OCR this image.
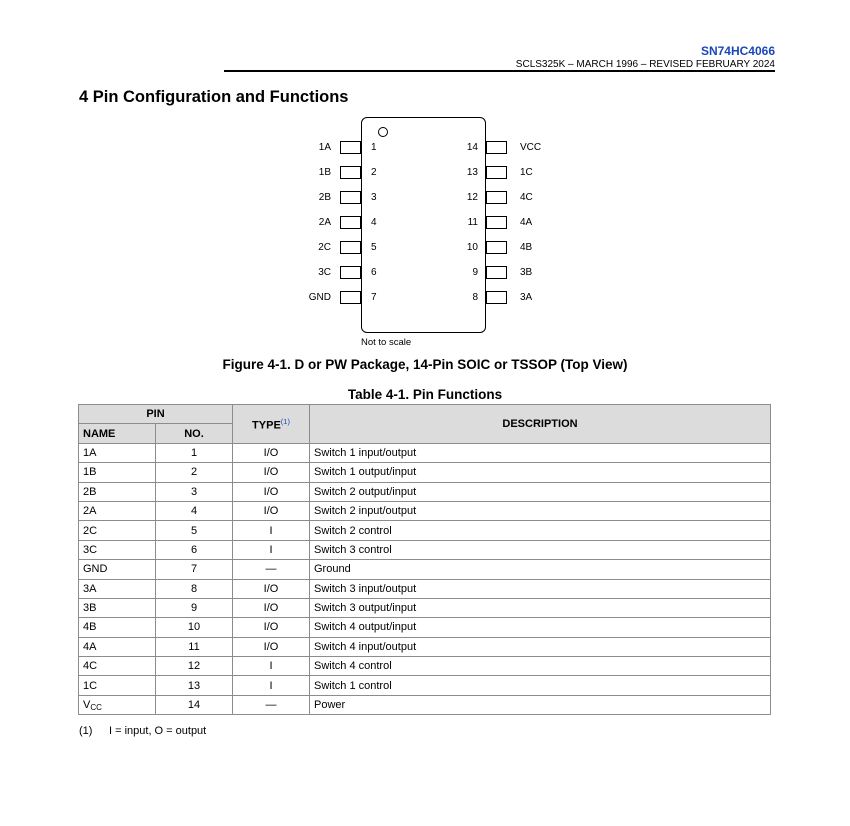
SN74HC4066
SCLS325K – MARCH 1996 – REVISED FEBRUARY 2024
4 Pin Configuration and Functions
1A	1
1B	2
2B	3
2A	4
2C	5
3C	6
GND	7
14	VCC
13	1C
12	4C
11	4A
10	4B
9	3B
8	3A
Not to scale
Figure 4-1. D or PW Package, 14-Pin SOIC or TSSOP (Top View)
Table 4-1. Pin Functions
PIN		TYPE$^{(1)}$	DESCRIPTION
NAME	NO.		
1A	1	I/O	Switch 1 input/output
1B	2	I/O	Switch 1 output/input
2B	3	I/O	Switch 2 output/input
2A	4	I/O	Switch 2 input/output
2C	5	I	Switch 2 control
3C	6	I	Switch 3 control
GND	7	—	Ground
3A	8	I/O	Switch 3 input/output
3B	9	I/O	Switch 3 output/input
4B	10	I/O	Switch 4 output/input
4A	11	I/O	Switch 4 input/output
4C	12	I	Switch 4 control
1C	13	I	Switch 1 control
$V_{CC}$	14	—	Power
(1) I = input, O = output
